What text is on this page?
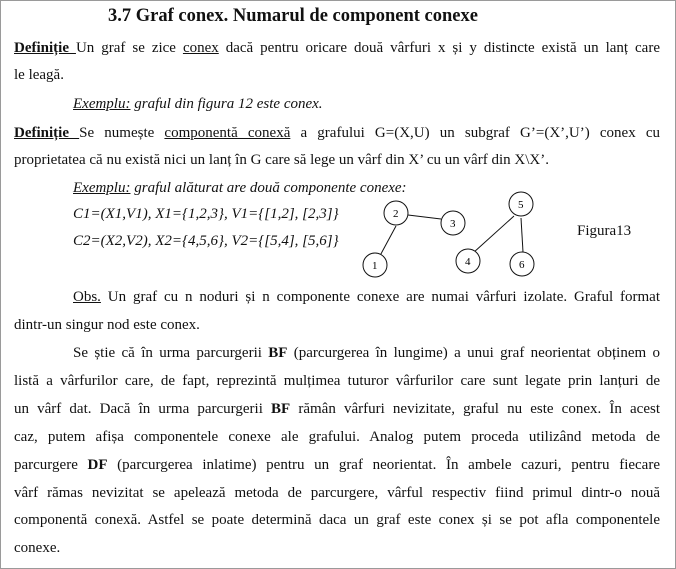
3.7 Graf conex. Numarul de component conexe
Definiție Un graf se zice conex dacă pentru oricare două vârfuri x și y distincte există un lanț care
le leagă.
Exemplu: graful din figura 12 este conex.
Definiție Se numește componentă conexă a grafului G=(X,U) un subgraf G’=(X’,U’) conex cu
proprietatea că nu există nici un lanț în G care să lege un vârf din X’ cu un vârf din X\X’.
Exemplu: graful alăturat are două componente conexe:
C1=(X1,V1), X1={1,2,3}, V1={[1,2], [2,3]}
C2=(X2,V2), X2={4,5,6}, V2={[5,4], [5,6]}
1
2
3
4
5
6
Figura13
Obs. Un graf cu n noduri și n componente conexe are numai vârfuri izolate. Graful format
dintr-un singur nod este conex.
Se știe că în urma parcurgerii BF (parcurgerea în lungime) a unui graf neorientat obținem o
listă a vârfurilor care, de fapt, reprezintă mulțimea tuturor vârfurilor care sunt legate prin lanțuri de
un vârf dat. Dacă în urma parcurgerii BF rămân vârfuri nevizitate, graful nu este conex. În acest
caz, putem afișa componentele conexe ale grafului. Analog putem proceda utilizând metoda de
parcurgere DF (parcurgerea inlatime) pentru un graf neorientat. În ambele cazuri, pentru fiecare
vârf rămas nevizitat se apelează metoda de parcurgere, vârful respectiv fiind primul dintr-o nouă
componentă conexă. Astfel se poate determină daca un graf este conex și se pot afla componentele
conexe.
